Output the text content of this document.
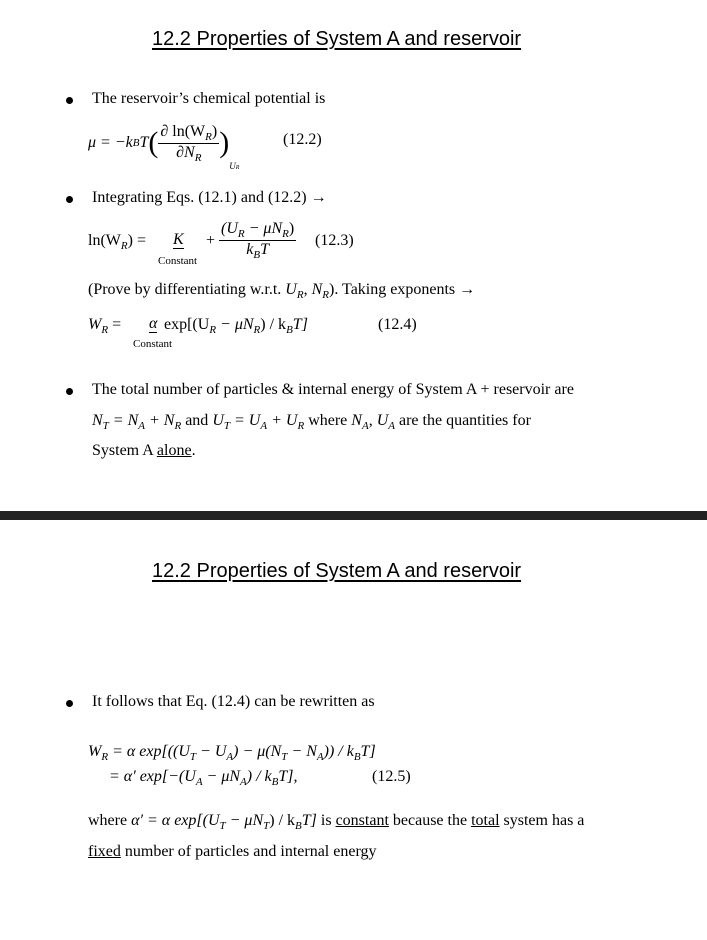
12.2 Properties of System A and reservoir
The reservoir’s chemical potential is
μ = −k B T ( $\frac{\partial \ln(W_R)}{\partial N_R}$ )
UR
(12.2)
Integrating Eqs. (12.1) and (12.2) →
$\ln(W_R) = K$
Constant
+ $\frac{(U_R - \mu N_R)}{k_BT} (12.3)$
(Prove by differentiating w.r.t. $U_R$, $N_R$). Taking exponents →
$W_R = \alpha$
Constant
$\exp[(U_R - \mu N_R) / k_BT]$	(12.4)
The total number of particles & internal energy of System A + reservoir are
$N_T = N_A + N_R$ and $U_T = U_A + U_R$ where $N_A$, $U_A$ are the quantities for
System A alone.
12.2 Properties of System A and reservoir
It follows that Eq. (12.4) can be rewritten as
$W_R = \alpha$ $\exp[((U_T - U_A) - \mu(N_T - N_A)) / k_BT]$
= α′ $\exp[-(U_A - \mu N_A) / k_BT]$,	(12.5)
where α′ = α $\exp[(U_T - \mu N_T) / k_BT]$ is constant because the total system has a
fixed number of particles and internal energy
